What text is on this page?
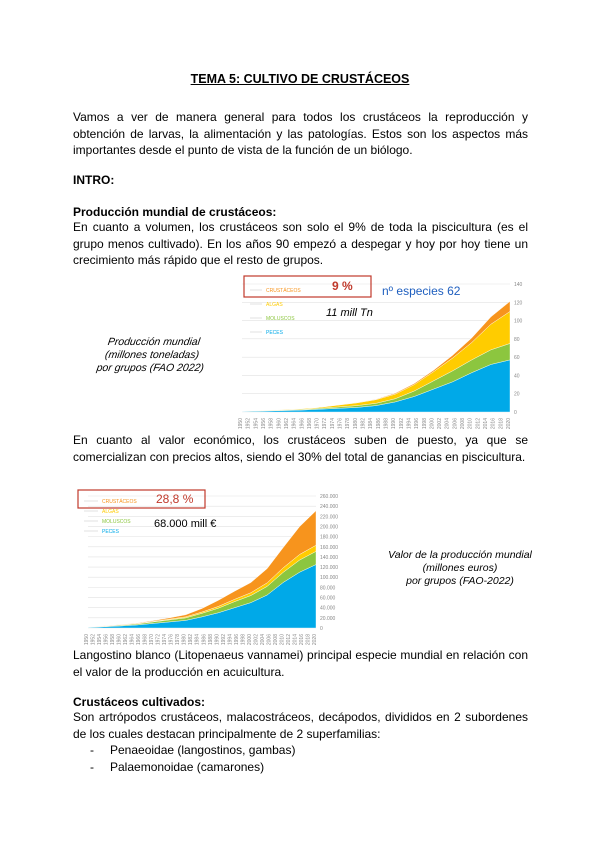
TEMA 5: CULTIVO DE CRUSTÁCEOS
Vamos a ver de manera general para todos los crustáceos la reproducción y obtención de larvas, la alimentación y las patologías. Estos son los aspectos más importantes desde el punto de vista de la función de un biólogo.
INTRO:
Producción mundial de crustáceos:
En cuanto a volumen, los crustáceos son solo el 9% de toda la piscicultura (es el grupo menos cultivado). En los años 90 empezó a despegar y hoy por hoy tiene un crecimiento más rápido que el resto de grupos.
140
120
100
80
60
40
20
0
1950 1952 1954 1956 1958 1960 1962 1964 1966 1968 1970 1972 1974 1976 1978 1980 1982 1984 1986 1988 1990 1992 1994 1996 1998 2000 2002 2004 2006 2008 2010 2012 2014 2016 2018 2020
CRUSTÁCEOS
ALGAS
MOLUSCOS
PECES
9 % nº especies 62
11 mill Tn
Producción mundial
(millones toneladas)
por grupos (FAO 2022)
En cuanto al valor económico, los crustáceos suben de puesto, ya que se comercializan con precios altos, siendo el 30% del total de ganancias en piscicultura.
260.000
240.000
220.000
200.000
180.000
160.000
140.000
120.000
100.000
80.000
60.000
40.000
20.000
0
1950 1952 1954 1956 1958 1960 1962 1964 1966 1968 1970 1972 1974 1976 1978 1980 1982 1984 1986 1988 1990 1992 1994 1996 1998 2000 2002 2004 2006 2008 2010 2012 2014 2016 2018 2020
CRUSTÁCEOS
ALGAS
MOLUSCOS
PECES
28,8 %
68.000 mill €
Valor de la producción mundial
(millones euros)
por grupos (FAO-2022)
Langostino blanco (Litopenaeus vannamei) principal especie mundial en relación con el valor de la producción en acuicultura.
Crustáceos cultivados:
Son artrópodos crustáceos, malacostráceos, decápodos, divididos en 2 subordenes de los cuales destacan principalmente de 2 superfamilias:
- Penaeoidae (langostinos, gambas)
- Palaemonoidae (camarones)
